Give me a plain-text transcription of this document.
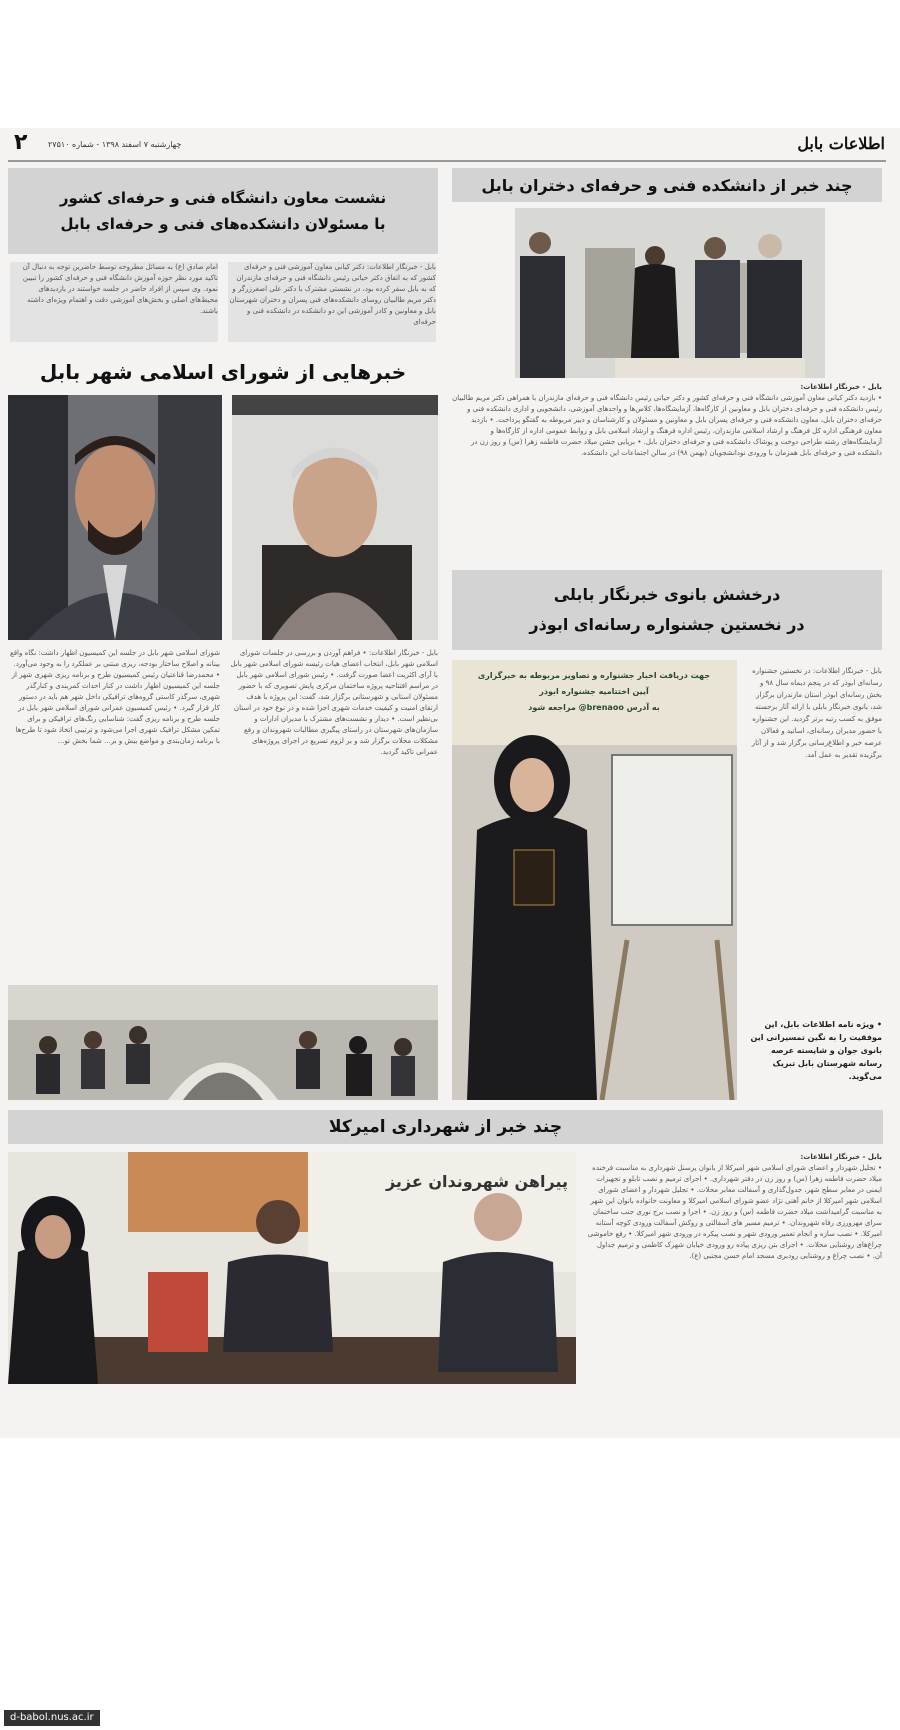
۲	چهارشنبه ۷ اسفند ۱۳۹۸ - شماره ۲۷۵۱۰	اطلاعات بابل
چند خبر از دانشکده فنی و حرفه‌ای دختران بابل
بابل - خبرنگار اطلاعات:
• بازدید دکتر کیانی معاون آموزشی دانشگاه فنی و حرفه‌ای کشور و دکتر حیاتی رئیس دانشگاه فنی و حرفه‌ای مازندران با همراهی دکتر مریم طالبیان رئیس دانشکده فنی و حرفه‌ای دختران بابل و معاونین از کارگاه‌ها، آزمایشگاه‌ها، کلاس‌ها و واحدهای آموزشی، دانشجویی و اداری دانشکده فنی و حرفه‌ای دختران بابل، معاون دانشکده فنی و حرفه‌ای پسران بابل و معاونین و مسئولان و کارشناسان و دبیر مربوطه به گفتگو پرداخت. • بازدید معاون فرهنگی اداره کل فرهنگ و ارشاد اسلامی مازندران، رئیس اداره فرهنگ و ارشاد اسلامی بابل و روابط عمومی اداره از کارگاه‌ها و آزمایشگاه‌های رشته طراحی دوخت و پوشاک دانشکده فنی و حرفه‌ای دختران بابل. • برپایی جشن میلاد حضرت فاطمه زهرا (س) و روز زن در دانشکده فنی و حرفه‌ای بابل همزمان با ورودی نودانشجویان (بهمن ۹۸) در سالن اجتماعات این دانشکده.
نشست معاون دانشگاه فنی و حرفه‌ای کشور
با مسئولان دانشکده‌های فنی و حرفه‌ای بابل
بابل - خبرنگار اطلاعات: دکتر کیانی معاون آموزشی فنی و حرفه‌ای کشور که به اتفاق دکتر حیاتی رئیس دانشگاه فنی و حرفه‌ای مازندران که به بابل سفر کرده بود، در نشستی مشترک با دکتر علی اصغرزرگر و دکتر مریم طالبیان روسای دانشکده‌های فنی پسران و دختران شهرستان بابل و معاونین و کادر آموزشی این دو دانشکده در دانشکده فنی و حرفه‌ای
امام صادق (ع) به مسائل مطروحه توسط حاضرین توجه به دنبال آن تاکید مورد نظر حوزه آموزش دانشگاه فنی و حرفه‌ای کشور را تبیین نمود. وی سپس از افراد حاضر در جلسه خواستند در بازدیدهای محیط‌های اصلی و بخش‌های آموزشی دقت و اهتمام ویژه‌ای داشته باشند.
خبرهایی از شورای اسلامی شهر بابل
بابل - خبرنگار اطلاعات: • فراهم آوردن و بررسی در جلسات شورای اسلامی شهر بابل، انتخاب اعضای هیات رئیسه شورای اسلامی شهر بابل با آرای اکثریت اعضا صورت گرفت. • رئیس شورای اسلامی شهر بابل در مراسم افتتاحیه پروژه ساختمان مرکزی پایش تصویری که با حضور مسئولان استانی و شهرستانی برگزار شد، گفت: این پروژه با هدف ارتقای امنیت و کیفیت خدمات شهری اجرا شده و در نوع خود در استان بی‌نظیر است. • دیدار و نشست‌های مشترک با مدیران ادارات و سازمان‌های شهرستان در راستای پیگیری مطالبات شهروندان و رفع مشکلات محلات برگزار شد و بر لزوم تسریع در اجرای پروژه‌های عمرانی تاکید گردید.
شورای اسلامی شهر بابل در جلسه این کمیسیون اظهار داشت: نگاه واقع بینانه و اصلاح ساختار بودجه، ریزی مبتنی بر عملکرد را به وجود می‌آورد. • محمدرضا قناعتیان رئیس کمیسیون طرح و برنامه ریزی شهری شهر از جلسه این کمیسیون اظهار داشت در کنار احداث کمربندی و کنارگذر شهری، سرگذر کاستی گروه‌های ترافیکی داخل شهر هم باید در دستور کار قرار گیرد. • رئیس کمیسیون عمرانی شورای اسلامی شهر بابل در جلسه طرح و برنامه ریزی گفت: شناسایی رنگ‌های ترافیکی و برای تمکین مشکل ترافیک شهری اجرا می‌شود و ترتیبی اتخاذ شود تا طرح‌ها با برنامه زمان‌بندی و مواضع بیش و بر... شما بخش تو...
درخشش بانوی خبرنگار بابلی
در نخستین جشنواره رسانه‌ای ابوذر
جهت دریافت اخبار جشنواره و تصاویر مربوطه به خبرگزاری
آیین اختتامیه جشنواره ابوذر
به آدرس brenaoo@ مراجعه شود
بابل - خبرنگار اطلاعات: در نخستین جشنواره رسانه‌ای ابوذر که در پنجم دیماه سال ۹۸ و بخش رسانه‌ای ابوذر استان مازندران برگزار شد، بانوی خبرنگار بابلی با ارائه آثار برجسته موفق به کسب رتبه برتر گردید. این جشنواره با حضور مدیران رسانه‌ای، اساتید و فعالان عرصه خبر و اطلاع‌رسانی برگزار شد و از آثار برگزیده تقدیر به عمل آمد.
• ویژه نامه اطلاعات بابل، این موفقیت را به نگین تمسیرانی این بانوی جوان و شایسته عرصه رسانه شهرستان بابل تبریک می‌گوید.
چند خبر از شهرداری امیرکلا
پیراهن شهروندان عزیز
بابل - خبرنگار اطلاعات:
• تجلیل شهردار و اعضای شورای اسلامی شهر امیرکلا از بانوان پرسنل شهرداری به مناسبت فرخنده میلاد حضرت فاطمه زهرا (س) و روز زن در دفتر شهرداری. • اجرای ترمیم و نصب تابلو و تجهیزات ایمنی در معابر سطح شهر، جدول‌گذاری و آسفالت معابر محلات. • تجلیل شهردار و اعضای شورای اسلامی شهر امیرکلا از خانم آهنی نژاد عضو شورای اسلامی امیرکلا و معاونت خانواده بانوان این شهر به مناسبت گرامیداشت میلاد حضرت فاطمه (س) و روز زن. • اجرا و نصب برج نوری جنب ساختمان سرای مهرورزی رفاه شهروندان. • ترمیم مسیر های آسفالتی و روکش آسفالت ورودی کوچه آستانه امیرکلا. • نصب سازه و انجام تعمیر ورودی شهر و نصب پیکره در ورودی شهر امیرکلا. • رفع خاموشی چراغ‌های روشنایی محلات. • اجرای بتن ریزی پیاده رو ورودی خیابان شهرک کاظمی و ترمیم جداول آن. • نصب چراغ و روشنایی رودبری مسجد امام حسن مجتبی (ع).
d-babol.nus.ac.ir
